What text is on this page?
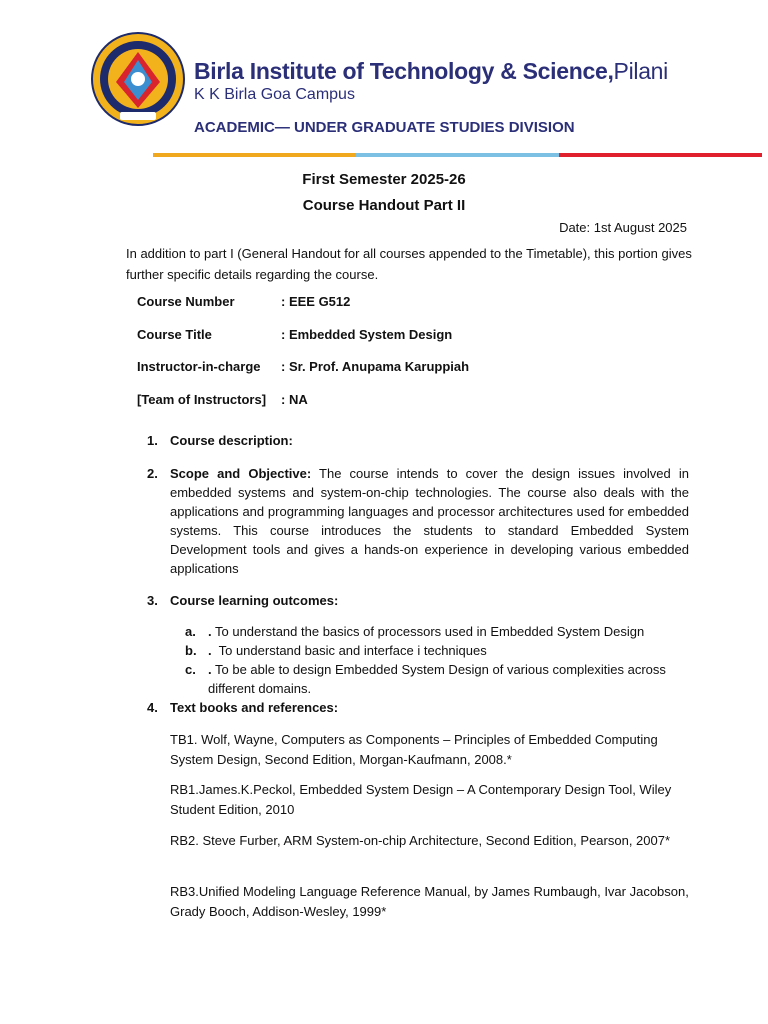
Birla Institute of Technology & Science,Pilani
K K Birla Goa Campus
ACADEMIC— UNDER GRADUATE STUDIES DIVISION
First Semester 2025-26
Course Handout Part II
Date: 1st August 2025
In addition to part I (General Handout for all courses appended to the Timetable), this portion gives further specific details regarding the course.
Course Number	: EEE G512
Course Title	: Embedded System Design
Instructor-in-charge : Sr. Prof. Anupama Karuppiah
[Team of Instructors] : NA
1. Course description:
2. Scope and Objective: The course intends to cover the design issues involved in embedded systems and system-on-chip technologies. The course also deals with the applications and programming languages and processor architectures used for embedded systems. This course introduces the students to standard Embedded System Development tools and gives a hands-on experience in developing various embedded applications
3. Course learning outcomes:
a. . To understand the basics of processors used in Embedded System Design
b. .  To understand basic and interface i techniques
c. . To be able to design Embedded System Design of various complexities across different domains.
4. Text books and references:
TB1. Wolf, Wayne, Computers as Components – Principles of Embedded Computing System Design, Second Edition, Morgan-Kaufmann, 2008.*
RB1.James.K.Peckol, Embedded System Design – A Contemporary Design Tool, Wiley Student Edition, 2010
RB2. Steve Furber, ARM System-on-chip Architecture, Second Edition, Pearson, 2007*
RB3.Unified Modeling Language Reference Manual, by James Rumbaugh, Ivar Jacobson, Grady Booch, Addison-Wesley, 1999*
